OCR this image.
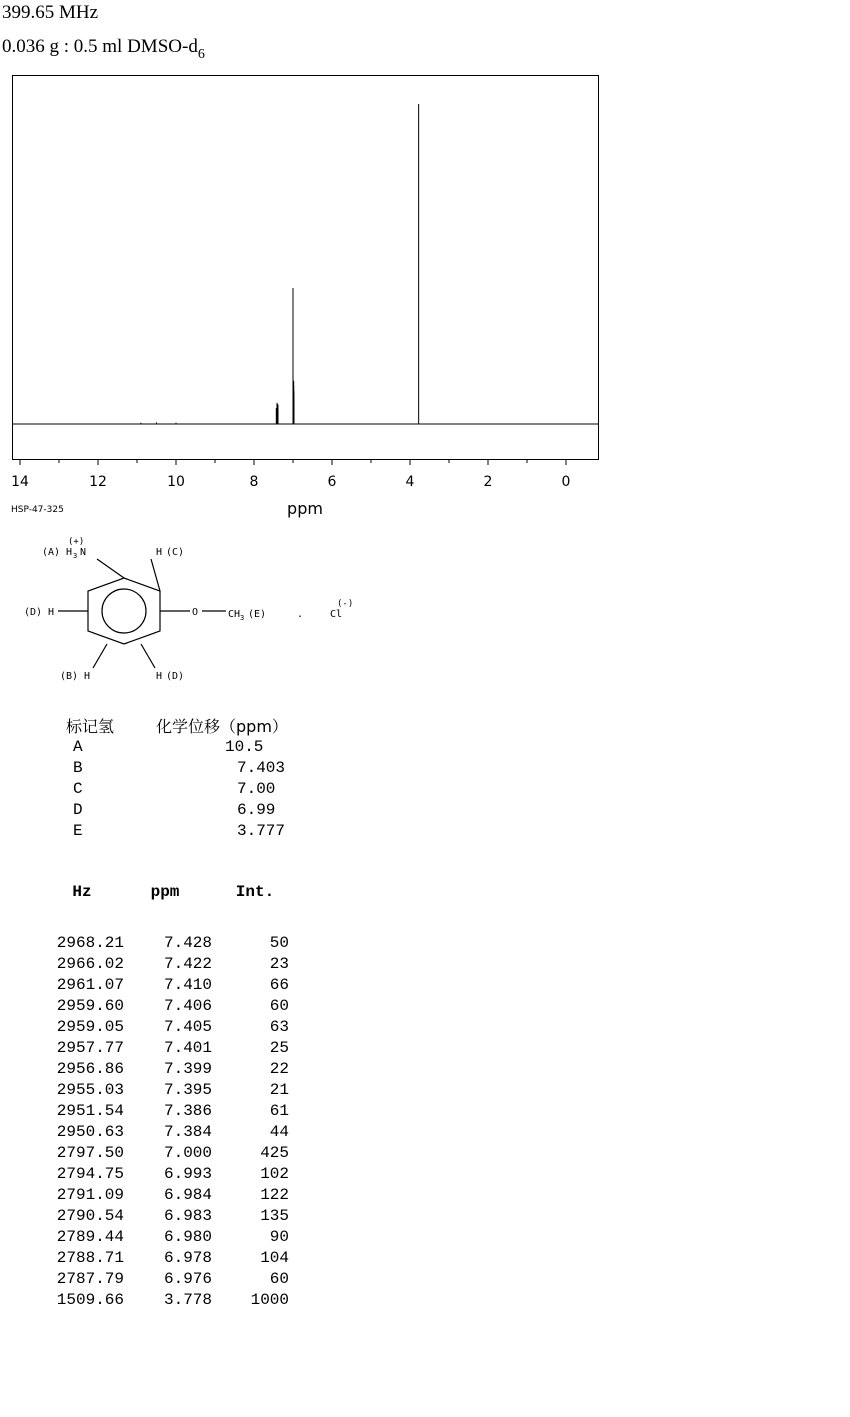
399.65 MHz
0.036 g : 0.5 ml DMSO-$d_6$
14	12	10	8	6	4	2	0
ppm
HSP-47-325
(A) H 3 N
(+)
H (C)
(D) H	O	CH 3 (E)	.	Cl
(-)
(B) H	H (D)
标记氢	化学位移（ppm）
A	10.5
B	7.403
C	7.00
D	6.99
E	3.777
Hz	ppm	Int.
2968.21	7.428	50
2966.02	7.422	23
2961.07	7.410	66
2959.60	7.406	60
2959.05	7.405	63
2957.77	7.401	25
2956.86	7.399	22
2955.03	7.395	21
2951.54	7.386	61
2950.63	7.384	44
2797.50	7.000	425
2794.75	6.993	102
2791.09	6.984	122
2790.54	6.983	135
2789.44	6.980	90
2788.71	6.978	104
2787.79	6.976	60
1509.66	3.778	1000
